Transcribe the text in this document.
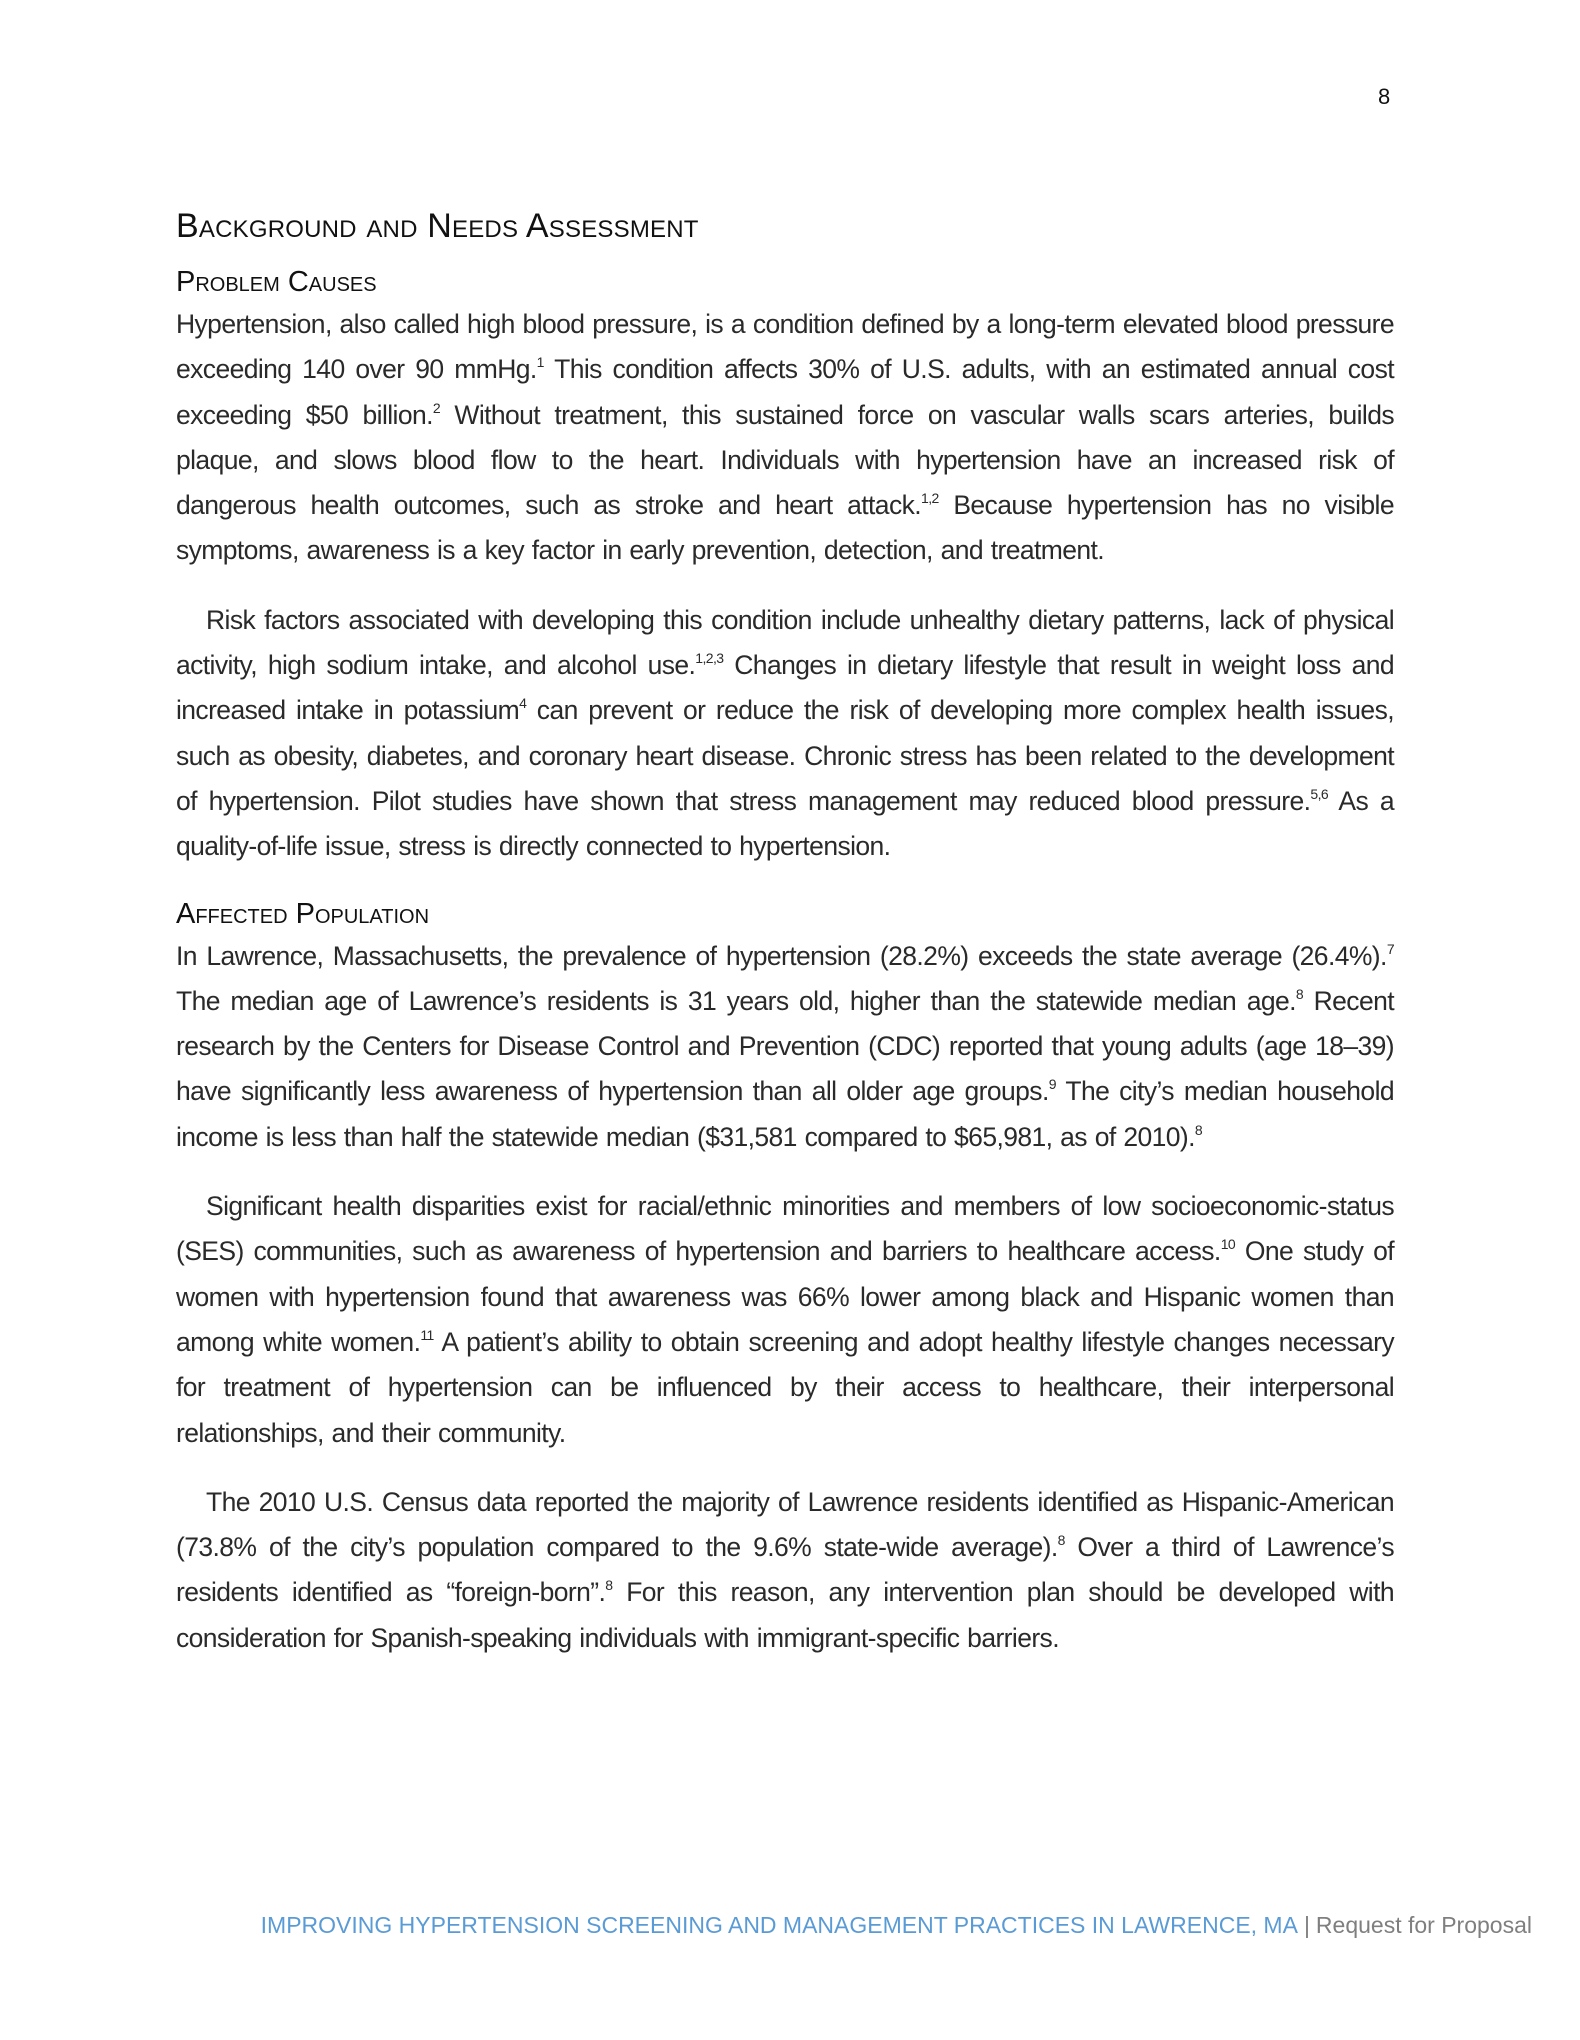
8
Background and Needs Assessment
Problem Causes

Hypertension, also called high blood pressure, is a condition defined by a long-term elevated blood pressure exceeding 140 over 90 mmHg.$^1$ This condition affects 30% of U.S. adults, with an estimated annual cost exceeding $50 billion.$^2$ Without treatment, this sustained force on vascular walls scars arteries, builds plaque, and slows blood flow to the heart. Individuals with hypertension have an increased risk of dangerous health outcomes, such as stroke and heart attack.$^{1,2}$ Because hypertension has no visible symptoms, awareness is a key factor in early prevention, detection, and treatment.

Risk factors associated with developing this condition include unhealthy dietary patterns, lack of physical activity, high sodium intake, and alcohol use.$^{1,2,3}$ Changes in dietary lifestyle that result in weight loss and increased intake in potassium$^4$ can prevent or reduce the risk of developing more complex health issues, such as obesity, diabetes, and coronary heart disease. Chronic stress has been related to the development of hypertension. Pilot studies have shown that stress management may reduced blood pressure.$^{5,6}$ As a quality-of-life issue, stress is directly connected to hypertension.

Affected Population

In Lawrence, Massachusetts, the prevalence of hypertension (28.2%) exceeds the state average (26.4%).$^7$ The median age of Lawrence’s residents is 31 years old, higher than the statewide median age.$^8$ Recent research by the Centers for Disease Control and Prevention (CDC) reported that young adults (age 18–39) have significantly less awareness of hypertension than all older age groups.$^9$ The city’s median household income is less than half the statewide median ($31,581 compared to $65,981, as of 2010).$^8$

Significant health disparities exist for racial/ethnic minorities and members of low socioeconomic-status (SES) communities, such as awareness of hypertension and barriers to healthcare access.$^{10}$ One study of women with hypertension found that awareness was 66% lower among black and Hispanic women than among white women.$^{11}$ A patient’s ability to obtain screening and adopt healthy lifestyle changes necessary for treatment of hypertension can be influenced by their access to healthcare, their interpersonal relationships, and their community.

The 2010 U.S. Census data reported the majority of Lawrence residents identified as Hispanic-American (73.8% of the city’s population compared to the 9.6% state-wide average).$^8$ Over a third of Lawrence’s residents identified as “foreign-born”.$^8$ For this reason, any intervention plan should be developed with consideration for Spanish-speaking individuals with immigrant-specific barriers.

IMPROVING HYPERTENSION SCREENING AND MANAGEMENT PRACTICES IN LAWRENCE, MA | Request for Proposal
